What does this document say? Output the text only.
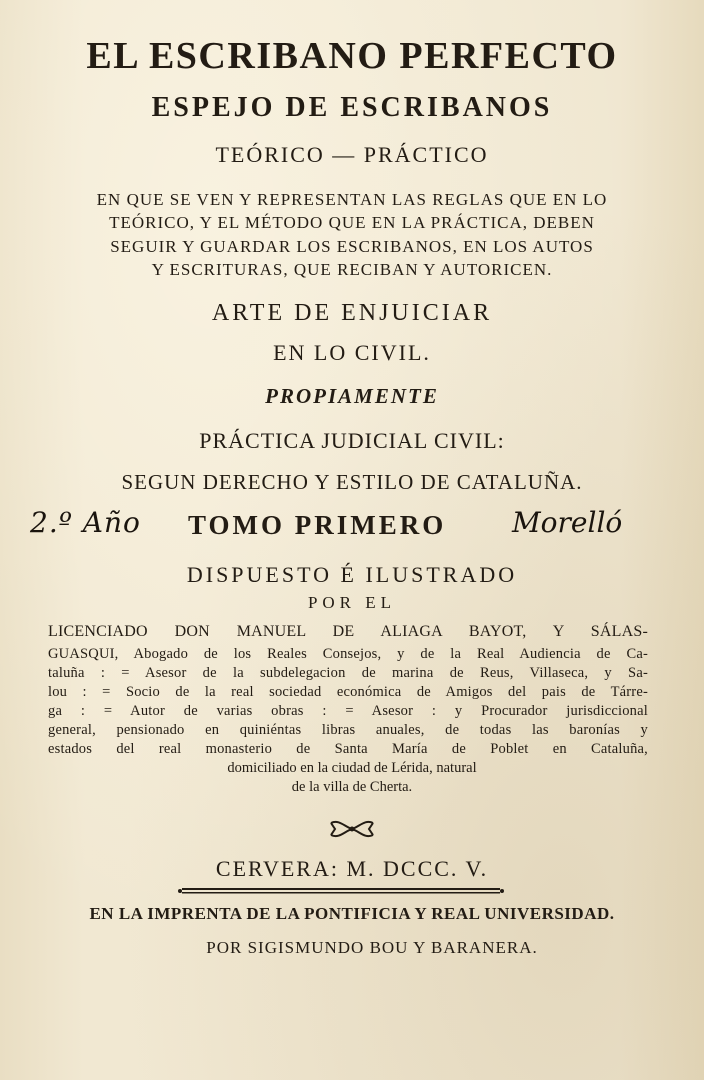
EL ESCRIBANO PERFECTO
ESPEJO DE ESCRIBANOS
TEÓRICO — PRÁCTICO
EN QUE SE VEN Y REPRESENTAN LAS REGLAS QUE EN LO
TEÓRICO, Y EL MÉTODO QUE EN LA PRÁCTICA, DEBEN
SEGUIR Y GUARDAR LOS ESCRIBANOS, EN LOS AUTOS
Y ESCRITURAS, QUE RECIBAN Y AUTORICEN.
ARTE DE ENJUICIAR
EN LO CIVIL.
PROPIAMENTE
PRÁCTICA JUDICIAL CIVIL:
SEGUN DERECHO Y ESTILO DE CATALUÑA.
2.º Año TOMO PRIMERO Morelló
DISPUESTO É ILUSTRADO
POR EL
LICENCIADO DON MANUEL DE ALIAGA BAYOT, Y SÁLAS-
GUASQUI, Abogado de los Reales Consejos, y de la Real Audiencia de Ca-
taluña : = Asesor de la subdelegacion de marina de Reus, Villaseca, y Sa-
lou : = Socio de la real sociedad económica de Amigos del pais de Tárre-
ga : = Autor de varias obras : = Asesor : y Procurador jurisdiccional
general, pensionado en quiniéntas libras anuales, de todas las baronías y
estados del real monasterio de Santa María de Poblet en Cataluña,
domiciliado en la ciudad de Lérida, natural
de la villa de Cherta.
CERVERA: M. DCCC. V.
EN LA IMPRENTA DE LA PONTIFICIA Y REAL UNIVERSIDAD.
POR SIGISMUNDO BOU Y BARANERA.
